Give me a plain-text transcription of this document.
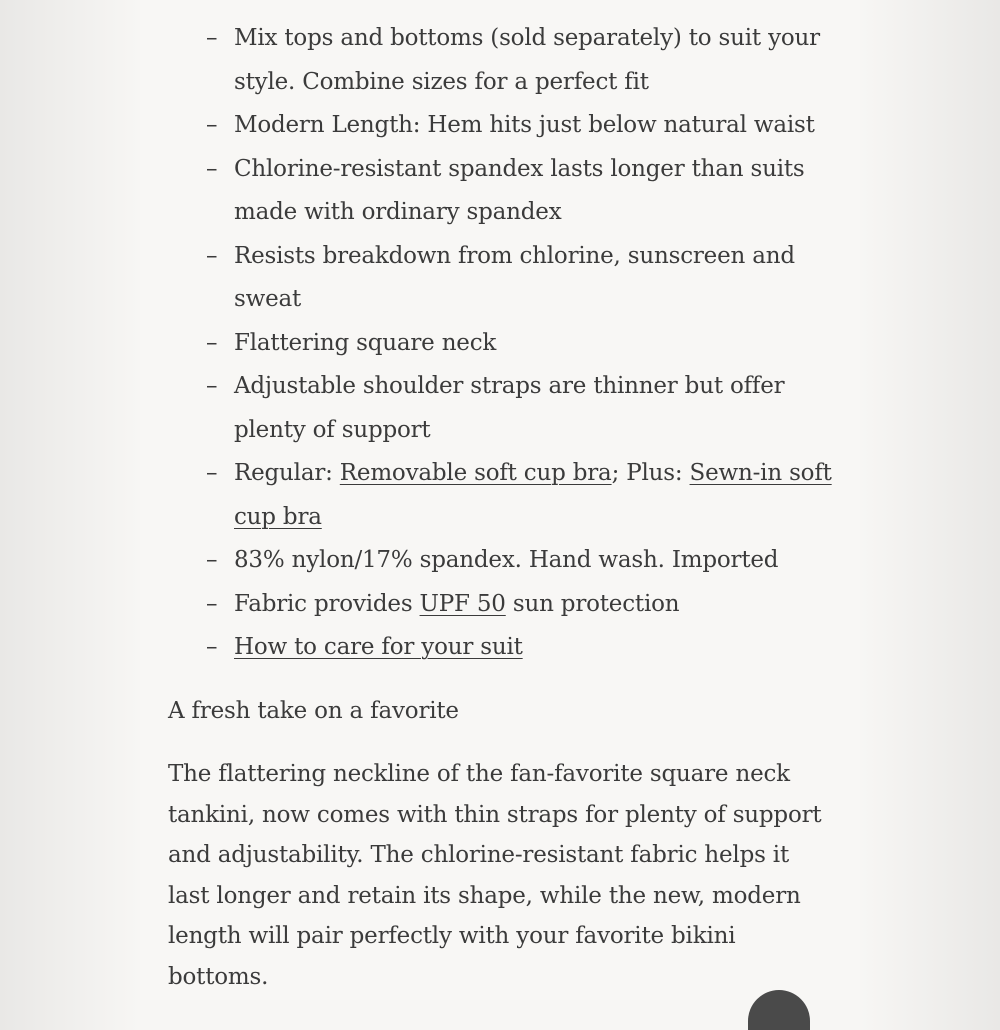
– Mix tops and bottoms (sold separately) to suit your style. Combine sizes for a perfect fit
– Modern Length: Hem hits just below natural waist
– Chlorine-resistant spandex lasts longer than suits made with ordinary spandex
– Resists breakdown from chlorine, sunscreen and sweat
– Flattering square neck
– Adjustable shoulder straps are thinner but offer plenty of support
– Regular: Removable soft cup bra; Plus: Sewn-in soft cup bra
– 83% nylon/17% spandex. Hand wash. Imported
– Fabric provides UPF 50 sun protection
– How to care for your suit
A fresh take on a favorite

The flattering neckline of the fan-favorite square neck tankini, now comes with thin straps for plenty of support and adjustability. The chlorine-resistant fabric helps it last longer and retain its shape, while the new, modern length will pair perfectly with your favorite bikini bottoms.
